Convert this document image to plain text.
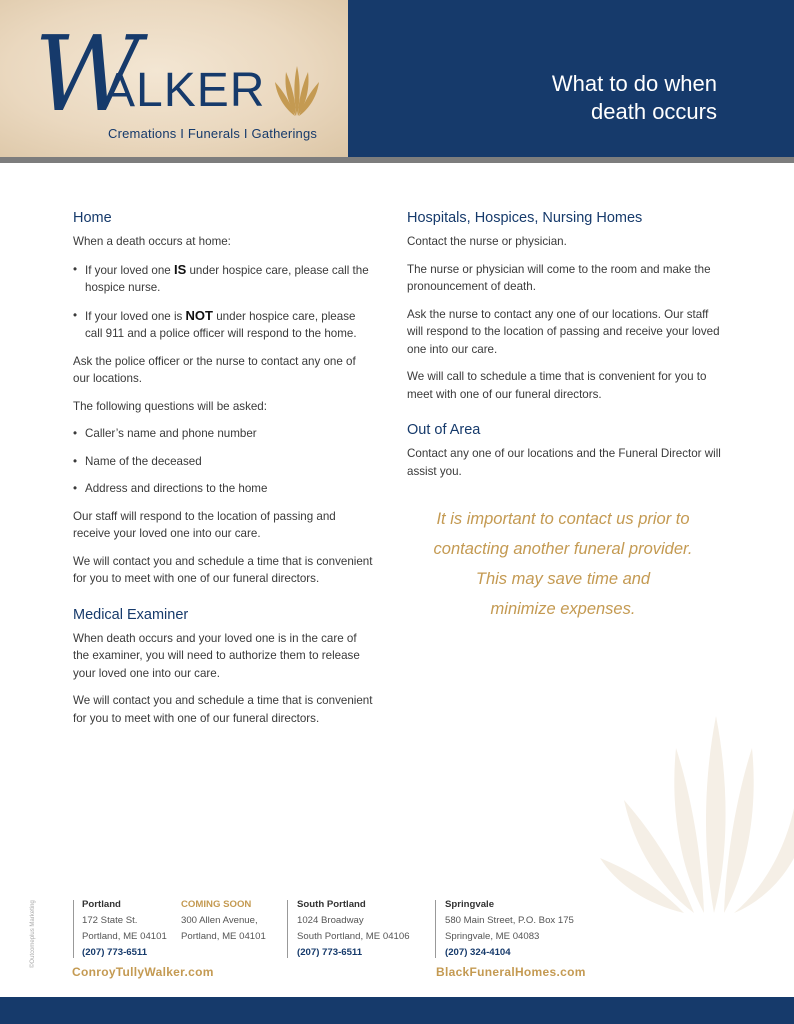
W
ALKER
Cremations I Funerals I Gatherings
What to do when
death occurs
Home

When a death occurs at home:

• If your loved one IS under hospice care, please call the hospice nurse.
• If your loved one is NOT under hospice care, please call 911 and a police officer will respond to the home.

Ask the police officer or the nurse to contact any one of our locations.

The following questions will be asked:

• Caller’s name and phone number
• Name of the deceased
• Address and directions to the home

Our staff will respond to the location of passing and receive your loved one into our care.

We will contact you and schedule a time that is convenient for you to meet with one of our funeral directors.

Medical Examiner

When death occurs and your loved one is in the care of the examiner, you will need to authorize them to release your loved one into our care.

We will contact you and schedule a time that is convenient for you to meet with one of our funeral directors.

Hospitals, Hospices, Nursing Homes

Contact the nurse or physician.

The nurse or physician will come to the room and make the pronouncement of death.

Ask the nurse to contact any one of our locations. Our staff will respond to the location of passing and receive your loved one into our care.

We will call to schedule a time that is convenient for you to meet with one of our funeral directors.

Out of Area

Contact any one of our locations and the Funeral Director will assist you.

It is important to contact us prior to
contacting another funeral provider.
This may save time and
minimize expenses.
©Outcomeplus Marketing	Portland
172 State St.
Portland, ME 04101
(207) 773-6511
COMING SOON
300 Allen Avenue,
Portland, ME 04101
South Portland
1024 Broadway
South Portland, ME 04106
(207) 773-6511
Springvale
580 Main Street, P.O. Box 175
Springvale, ME 04083
(207) 324-4104
ConroyTullyWalker.com	BlackFuneralHomes.com
